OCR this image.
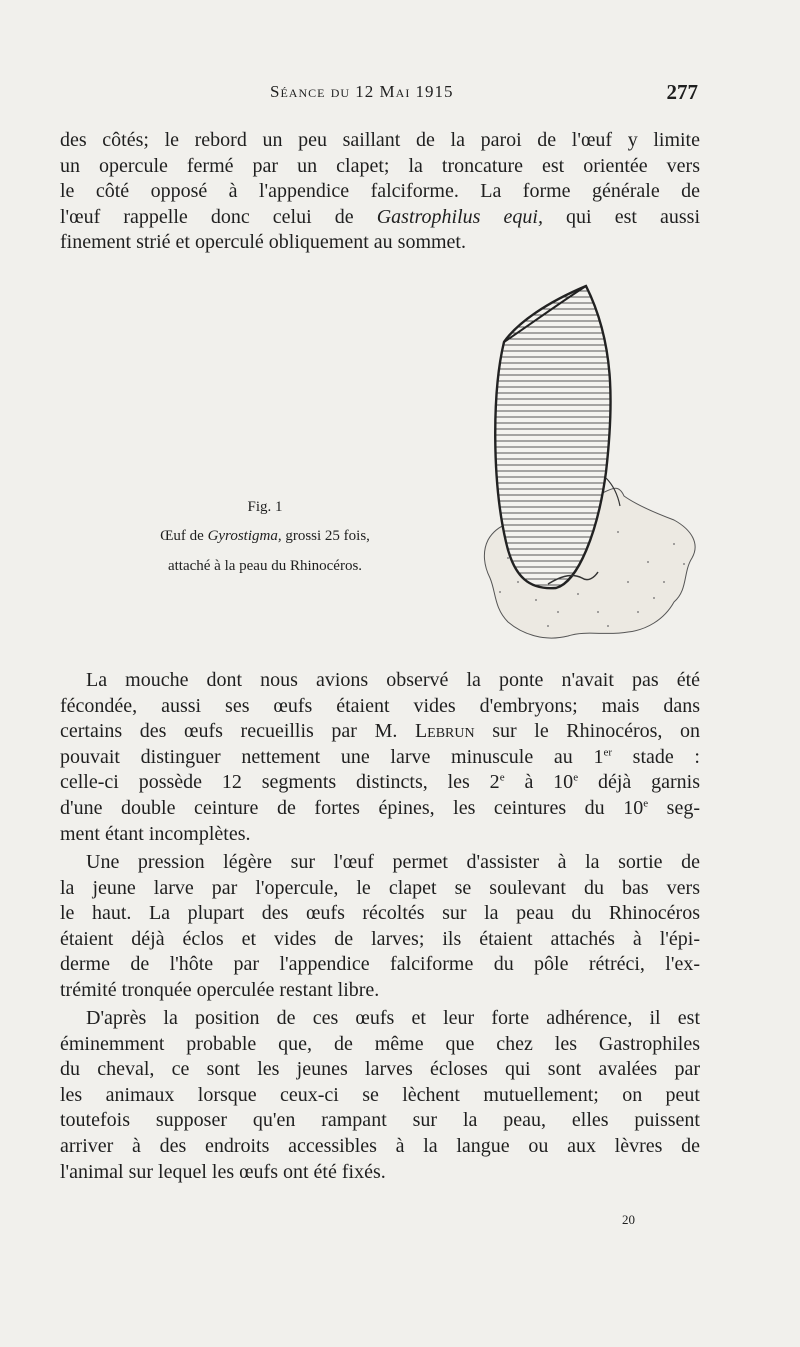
Séance du 12 Mai 1915	277

des côtés; le rebord un peu saillant de la paroi de l'œuf y limite
un opercule fermé par un clapet; la troncature est orientée vers
le côté opposé à l'appendice falciforme. La forme générale de
l'œuf rappelle donc celui de Gastrophilus equi, qui est aussi
finement strié et operculé obliquement au sommet.

Fig. 1
Œuf de Gyrostigma, grossi 25 fois,
attaché à la peau du Rhinocéros.

La mouche dont nous avions observé la ponte n'avait pas été
fécondée, aussi ses œufs étaient vides d'embryons; mais dans
certains des œufs recueillis par M. Lebrun sur le Rhinocéros, on
pouvait distinguer nettement une larve minuscule au 1er stade :
celle-ci possède 12 segments distincts, les 2e à 10e déjà garnis
d'une double ceinture de fortes épines, les ceintures du 10e seg-
ment étant incomplètes.

Une pression légère sur l'œuf permet d'assister à la sortie de
la jeune larve par l'opercule, le clapet se soulevant du bas vers
le haut. La plupart des œufs récoltés sur la peau du Rhinocéros
étaient déjà éclos et vides de larves; ils étaient attachés à l'épi-
derme de l'hôte par l'appendice falciforme du pôle rétréci, l'ex-
trémité tronquée operculée restant libre.

D'après la position de ces œufs et leur forte adhérence, il est
éminemment probable que, de même que chez les Gastrophiles
du cheval, ce sont les jeunes larves écloses qui sont avalées par
les animaux lorsque ceux-ci se lèchent mutuellement; on peut
toutefois supposer qu'en rampant sur la peau, elles puissent
arriver à des endroits accessibles à la langue ou aux lèvres de
l'animal sur lequel les œufs ont été fixés.

20
